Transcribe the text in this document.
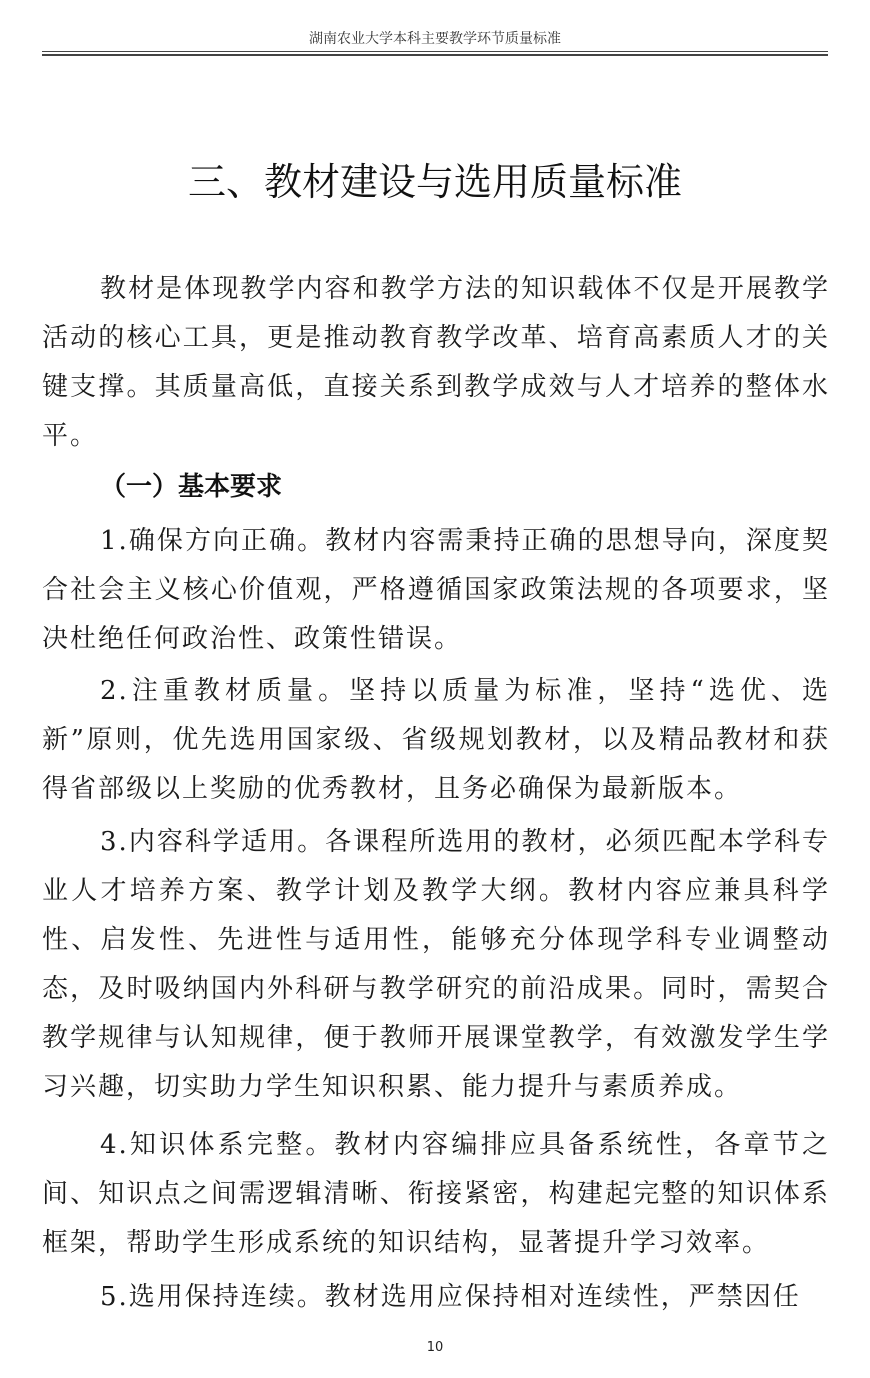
湖南农业大学本科主要教学环节质量标准
三、教材建设与选用质量标准

教材是体现教学内容和教学方法的知识载体不仅是开展教学活动的核心工具，更是推动教育教学改革、培育高素质人才的关键支撑。其质量高低，直接关系到教学成效与人才培养的整体水平。

（一）基本要求

1.确保方向正确。教材内容需秉持正确的思想导向，深度契合社会主义核心价值观，严格遵循国家政策法规的各项要求，坚决杜绝任何政治性、政策性错误。

2.注重教材质量。坚持以质量为标准，坚持“选优、选新”原则，优先选用国家级、省级规划教材，以及精品教材和获得省部级以上奖励的优秀教材，且务必确保为最新版本。

3.内容科学适用。各课程所选用的教材，必须匹配本学科专业人才培养方案、教学计划及教学大纲。教材内容应兼具科学性、启发性、先进性与适用性，能够充分体现学科专业调整动态，及时吸纳国内外科研与教学研究的前沿成果。同时，需契合教学规律与认知规律，便于教师开展课堂教学，有效激发学生学习兴趣，切实助力学生知识积累、能力提升与素质养成。

4.知识体系完整。教材内容编排应具备系统性，各章节之间、知识点之间需逻辑清晰、衔接紧密，构建起完整的知识体系框架，帮助学生形成系统的知识结构，显著提升学习效率。

5.选用保持连续。教材选用应保持相对连续性，严禁因任

10
